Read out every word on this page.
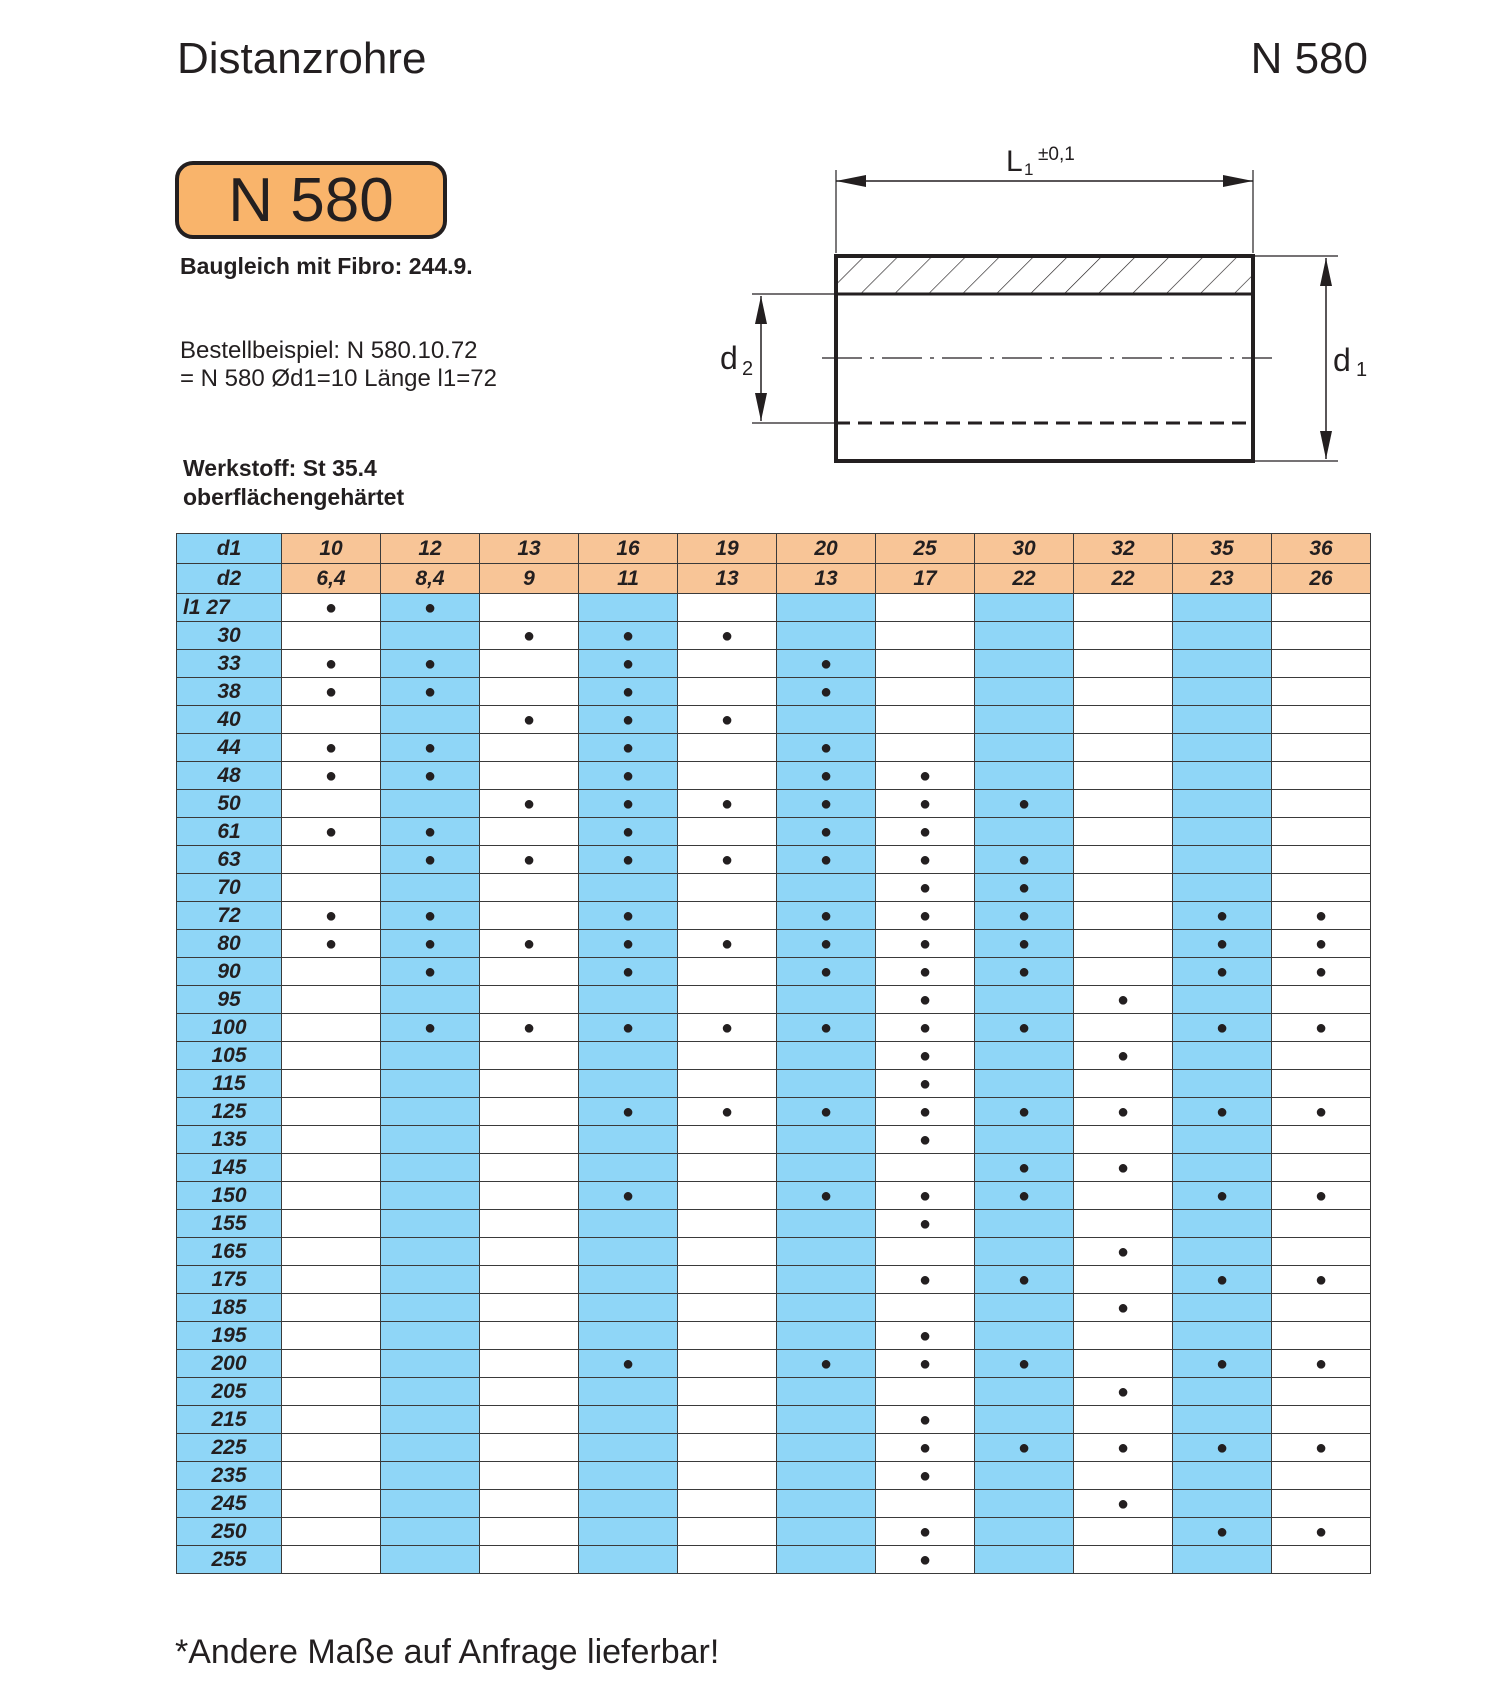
Distanzrohre	N 580
N 580
Baugleich mit Fibro: 244.9.
Bestellbeispiel: N 580.10.72
= N 580 Ød1=10 Länge l1=72
Werkstoff: St 35.4
oberflächengehärtet
L 1
±0,1
d 2	d 1
d1	10	12	13	16	19	20	25	30	32	35	36
d2	6,4	8,4	9	11	13	13	17	22	22	23	26
l1 27	●	●									
30			●	●	●						
33	●	●		●		●					
38	●	●		●		●					
40			●	●	●						
44	●	●		●		●					
48	●	●		●		●	●				
50			●	●	●	●	●	●			
61	●	●		●		●	●				
63		●	●	●	●	●	●	●			
70							●	●			
72	●	●		●		●	●	●		●	●
80	●	●	●	●	●	●	●	●		●	●
90		●		●		●	●	●		●	●
95							●		●		
100		●	●	●	●	●	●	●		●	●
105							●		●		
115							●				
125				●	●	●	●	●	●	●	●
135							●				
145								●	●		
150				●		●	●	●		●	●
155							●				
165									●		
175							●	●		●	●
185									●		
195							●				
200				●		●	●	●		●	●
205									●		
215							●				
225							●	●	●	●	●
235							●				
245									●		
250							●			●	●
255							●				
*Andere Maße auf Anfrage lieferbar!
